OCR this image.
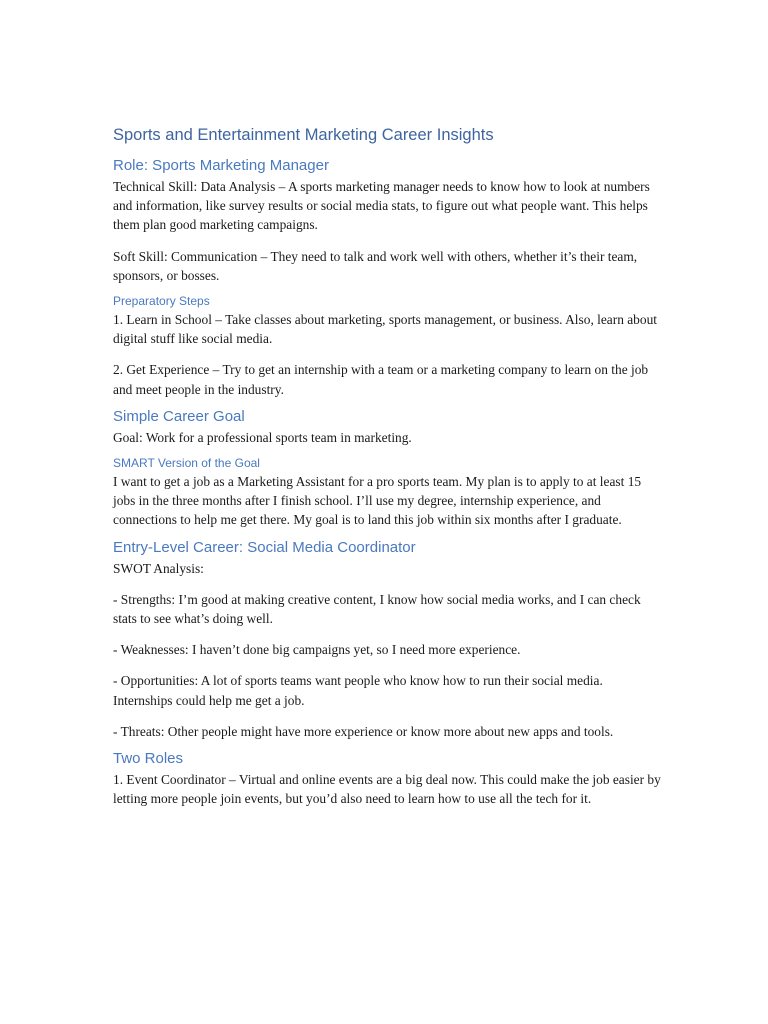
Sports and Entertainment Marketing Career Insights
Role: Sports Marketing Manager

Technical Skill: Data Analysis – A sports marketing manager needs to know how to look at numbers and information, like survey results or social media stats, to figure out what people want. This helps them plan good marketing campaigns.

Soft Skill: Communication – They need to talk and work well with others, whether it’s their team, sponsors, or bosses.

Preparatory Steps

1. Learn in School – Take classes about marketing, sports management, or business. Also, learn about digital stuff like social media.

2. Get Experience – Try to get an internship with a team or a marketing company to learn on the job and meet people in the industry.

Simple Career Goal

Goal: Work for a professional sports team in marketing.

SMART Version of the Goal

I want to get a job as a Marketing Assistant for a pro sports team. My plan is to apply to at least 15 jobs in the three months after I finish school. I’ll use my degree, internship experience, and connections to help me get there. My goal is to land this job within six months after I graduate.

Entry-Level Career: Social Media Coordinator

SWOT Analysis:

- Strengths: I’m good at making creative content, I know how social media works, and I can check stats to see what’s doing well.

- Weaknesses: I haven’t done big campaigns yet, so I need more experience.

- Opportunities: A lot of sports teams want people who know how to run their social media. Internships could help me get a job.

- Threats: Other people might have more experience or know more about new apps and tools.

Two Roles

1. Event Coordinator – Virtual and online events are a big deal now. This could make the job easier by letting more people join events, but you’d also need to learn how to use all the tech for it.
